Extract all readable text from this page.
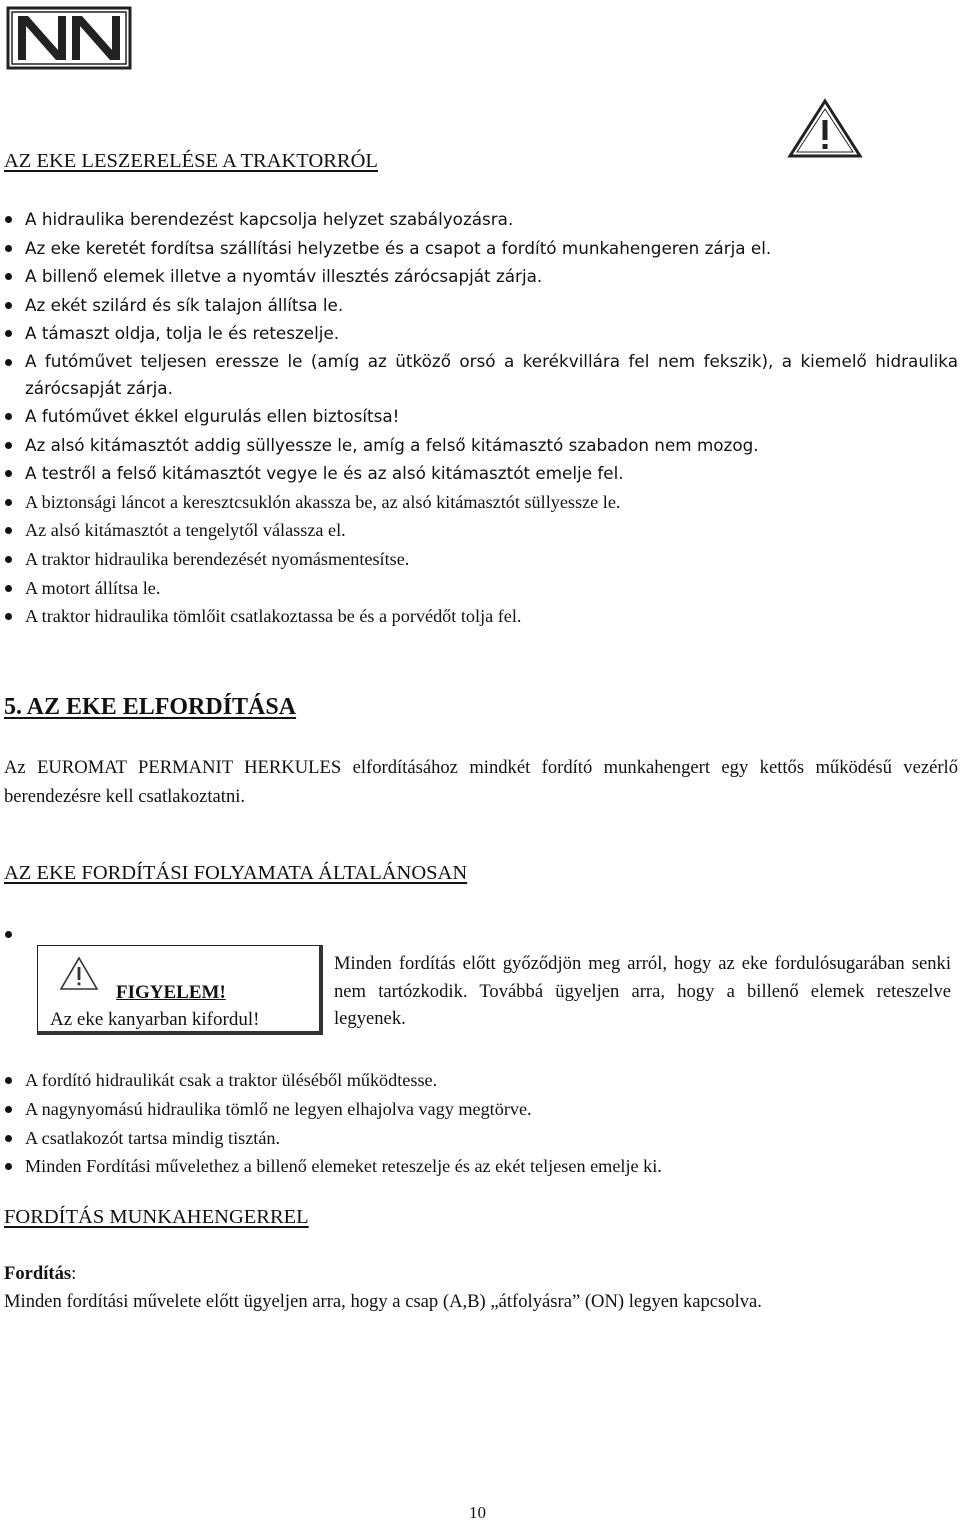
AZ EKE LESZERELÉSE A TRAKTORRÓL
A hidraulika berendezést kapcsolja helyzet szabályozásra.
Az eke keretét fordítsa szállítási helyzetbe és a csapot a fordító munkahengeren zárja el.
A billenő elemek illetve a nyomtáv illesztés zárócsapját zárja.
Az ekét szilárd és sík talajon állítsa le.
A támaszt oldja, tolja le és reteszelje.
A futóművet teljesen eressze le (amíg az ütköző orsó a kerékvillára fel nem fekszik), a kiemelő hidraulika zárócsapját zárja.
A futóművet ékkel elgurulás ellen biztosítsa!
Az alsó kitámasztót addig süllyessze le, amíg a felső kitámasztó szabadon nem mozog.
A testről a felső kitámasztót vegye le és az alsó kitámasztót emelje fel.
A biztonsági láncot a keresztcsuklón akassza be, az alsó kitámasztót süllyessze le.
Az alsó kitámasztót a tengelytől válassza el.
A traktor hidraulika berendezését nyomásmentesítse.
A motort állítsa le.
A traktor hidraulika tömlőit csatlakoztassa be és a porvédőt tolja fel.
5. AZ EKE ELFORDÍTÁSA

Az EUROMAT PERMANIT HERKULES elfordításához mindkét fordító munkahengert egy kettős működésű vezérlő berendezésre kell csatlakoztatni.

AZ EKE FORDÍTÁSI FOLYAMATA ÁLTALÁNOSAN
FIGYELEM!
Az eke kanyarban kifordul!

Minden fordítás előtt győződjön meg arról, hogy az eke fordulósugarában senki nem tartózkodik. Továbbá ügyeljen arra, hogy a billenő elemek reteszelve legyenek.

A fordító hidraulikát csak a traktor üléséből működtesse.
A nagynyomású hidraulika tömlő ne legyen elhajolva vagy megtörve.
A csatlakozót tartsa mindig tisztán.
Minden Fordítási művelethez a billenő elemeket reteszelje és az ekét teljesen emelje ki.
FORDÍTÁS MUNKAHENGERREL
Fordítás:

Minden fordítási művelete előtt ügyeljen arra, hogy a csap (A,B) „átfolyásra” (ON) legyen kapcsolva.

10
